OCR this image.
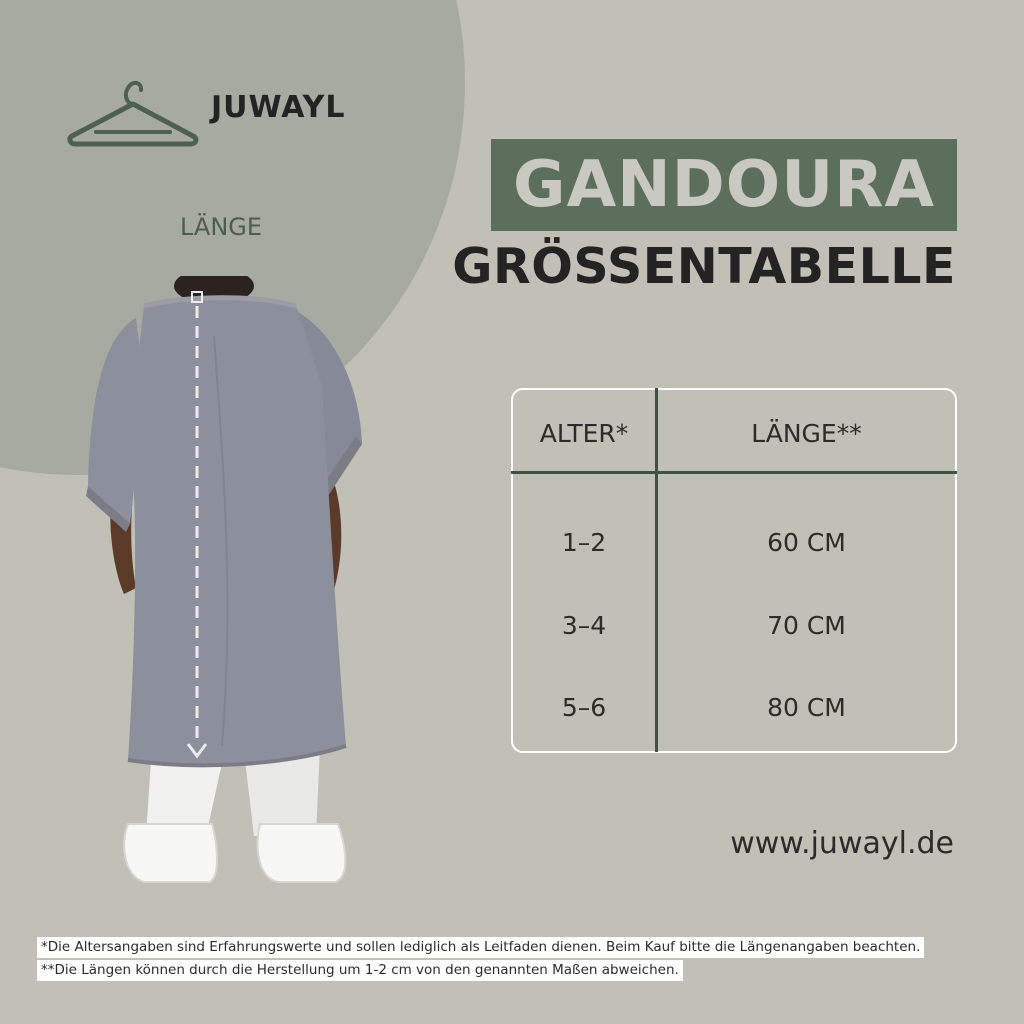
JUWAYL
LÄNGE
GANDOURA
GRÖSSENTABELLE
ALTER*	LÄNGE**
1–2	60 CM
3–4	70 CM
5–6	80 CM
www.juwayl.de
*Die Altersangaben sind Erfahrungswerte und sollen lediglich als Leitfaden dienen. Beim Kauf bitte die Längenangaben beachten.
**Die Längen können durch die Herstellung um 1-2 cm von den genannten Maßen abweichen.
